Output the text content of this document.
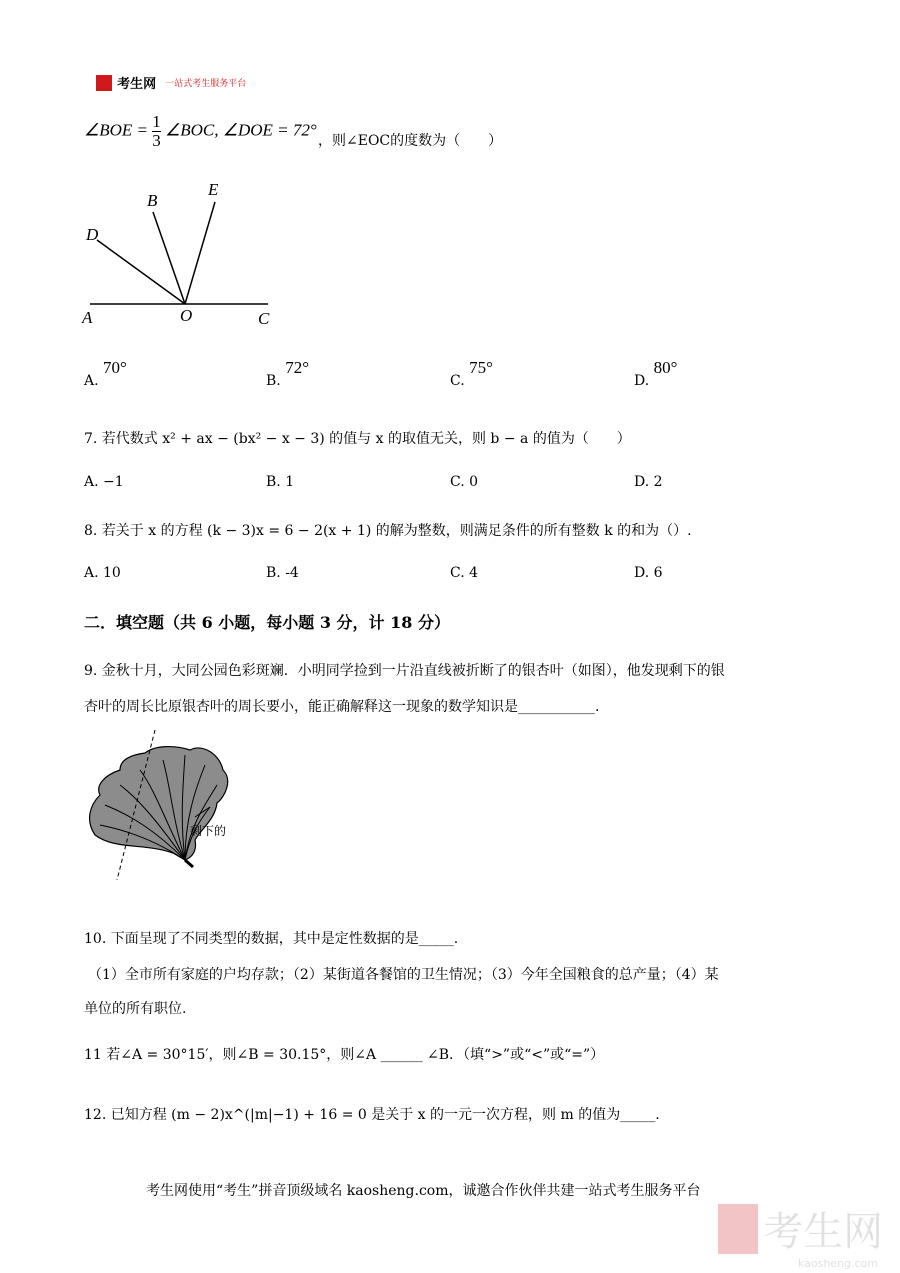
考生网 一站式考生服务平台
∠BOE = $\frac{1}{3}$ ∠BOC, ∠DOE = 72°
，则∠EOC的度数为（　　）
A	O	C
D
B
E
A. 70°
B. 72°
C. 75°
D. 80°
7. 若代数式 x² + ax − (bx² − x − 3) 的值与 x 的取值无关，则 b − a 的值为（　　）
A. −1	B. 1	C. 0	D. 2
8. 若关于 x 的方程 (k − 3)x = 6 − 2(x + 1) 的解为整数，则满足条件的所有整数 k 的和为（）.
A. 10	B. -4	C. 4	D. 6
二．填空题（共 6 小题，每小题 3 分，计 18 分）
9. 金秋十月，大同公园色彩斑斓．小明同学捡到一片沿直线被折断了的银杏叶（如图），他发现剩下的银
杏叶的周长比原银杏叶的周长要小，能正确解释这一现象的数学知识是___________.
剩下的
10. 下面呈现了不同类型的数据，其中是定性数据的是_____.
（1）全市所有家庭的户均存款；（2）某街道各餐馆的卫生情况；（3）今年全国粮食的总产量；（4）某
单位的所有职位.
11 若∠A = 30°15′，则∠B = 30.15°，则∠A ______ ∠B．（填“>”或“<”或“=”）
12. 已知方程 (m − 2)x^(|m|−1) + 16 = 0 是关于 x 的一元一次方程，则 m 的值为_____.
考生网使用“考生”拼音顶级域名 kaosheng.com，诚邀合作伙伴共建一站式考生服务平台
考生网
kaosheng.com
